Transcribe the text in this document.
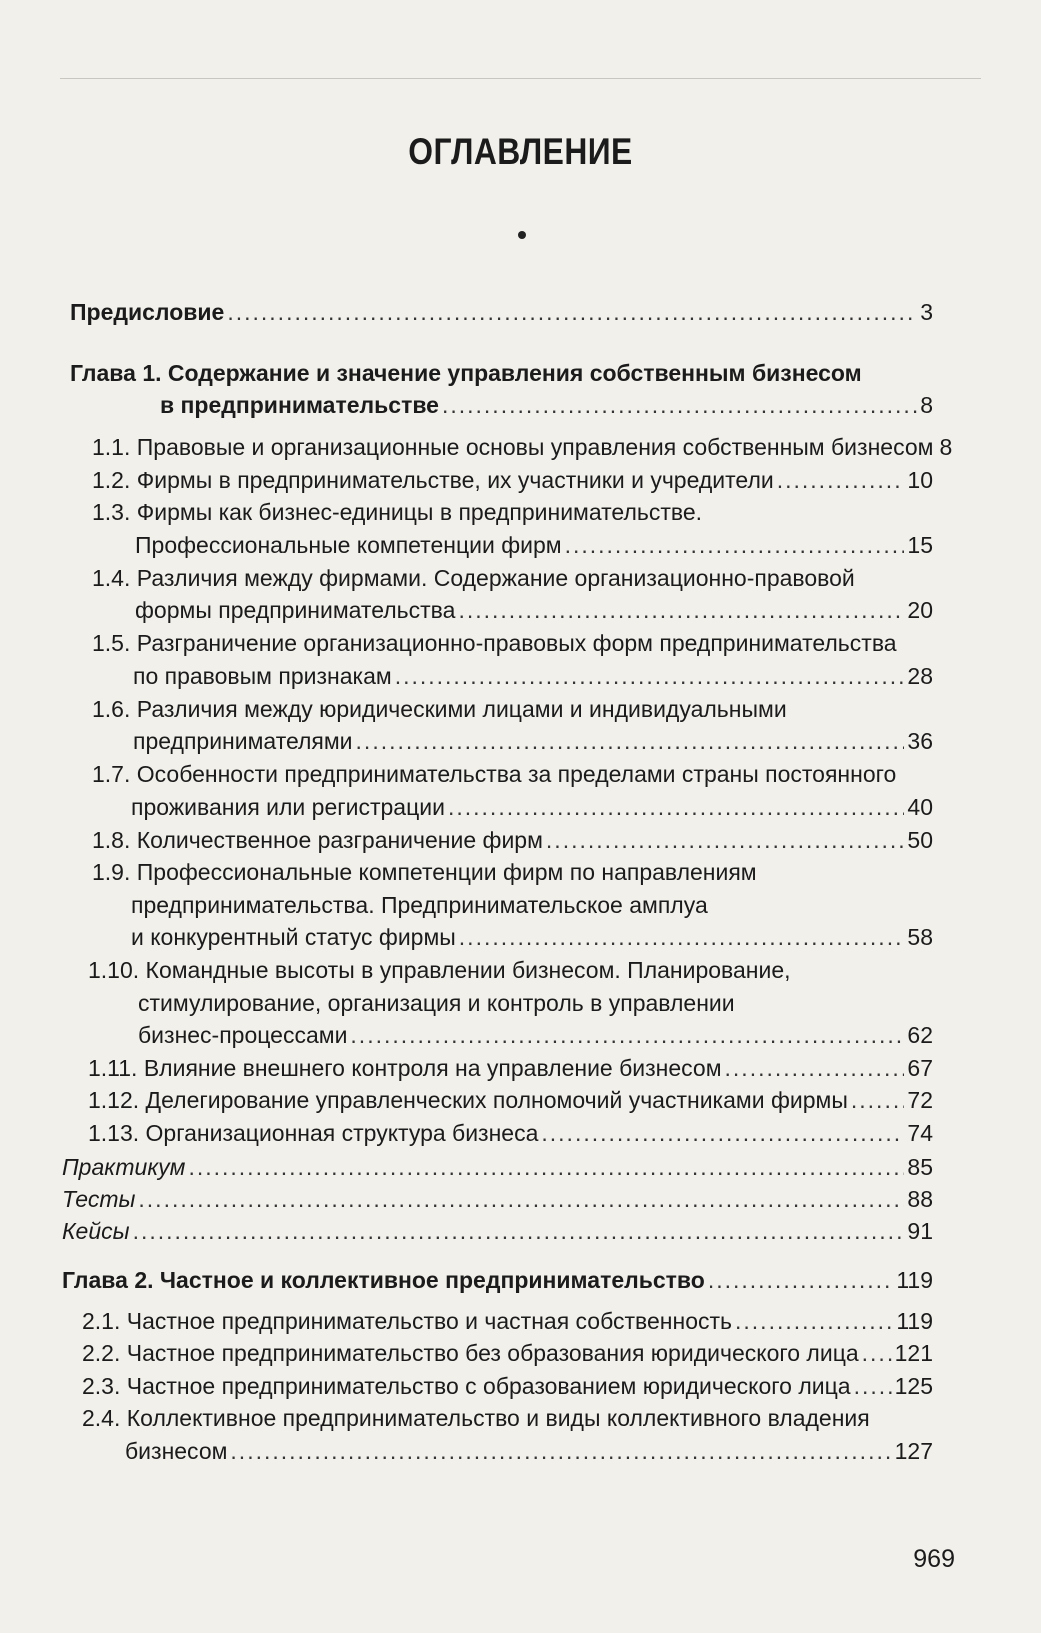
ОГЛАВЛЕНИЕ
Предисловие .....	3
Глава 1. Содержание и значение управления собственным бизнесом
в предпринимательстве .....	8
1.1. Правовые и организационные основы управления собственным бизнесом 8
1.2. Фирмы в предпринимательстве, их участники и учредители .....	10
1.3. Фирмы как бизнес-единицы в предпринимательстве.
Профессиональные компетенции фирм .....	15
1.4. Различия между фирмами. Содержание организационно-правовой
формы предпринимательства .....	20
1.5. Разграничение организационно-правовых форм предпринимательства
по правовым признакам .....	28
1.6. Различия между юридическими лицами и индивидуальными
предпринимателями .....	36
1.7. Особенности предпринимательства за пределами страны постоянного
проживания или регистрации .....	40
1.8. Количественное разграничение фирм .....	50
1.9. Профессиональные компетенции фирм по направлениям
предпринимательства. Предпринимательское амплуа
и конкурентный статус фирмы .....	58
1.10. Командные высоты в управлении бизнесом. Планирование,
стимулирование, организация и контроль в управлении
бизнес-процессами .....	62
1.11. Влияние внешнего контроля на управление бизнесом .....	67
1.12. Делегирование управленческих полномочий участниками фирмы .....	72
1.13. Организационная структура бизнеса .....	74
Практикум .....	85
Тесты .....	88
Кейсы .....	91
Глава 2. Частное и коллективное предпринимательство .....	119
2.1. Частное предпринимательство и частная собственность .....	119
2.2. Частное предпринимательство без образования юридического лица ..... 121
2.3. Частное предпринимательство с образованием юридического лица ..... 125
2.4. Коллективное предпринимательство и виды коллективного владения
бизнесом .....	127
969
